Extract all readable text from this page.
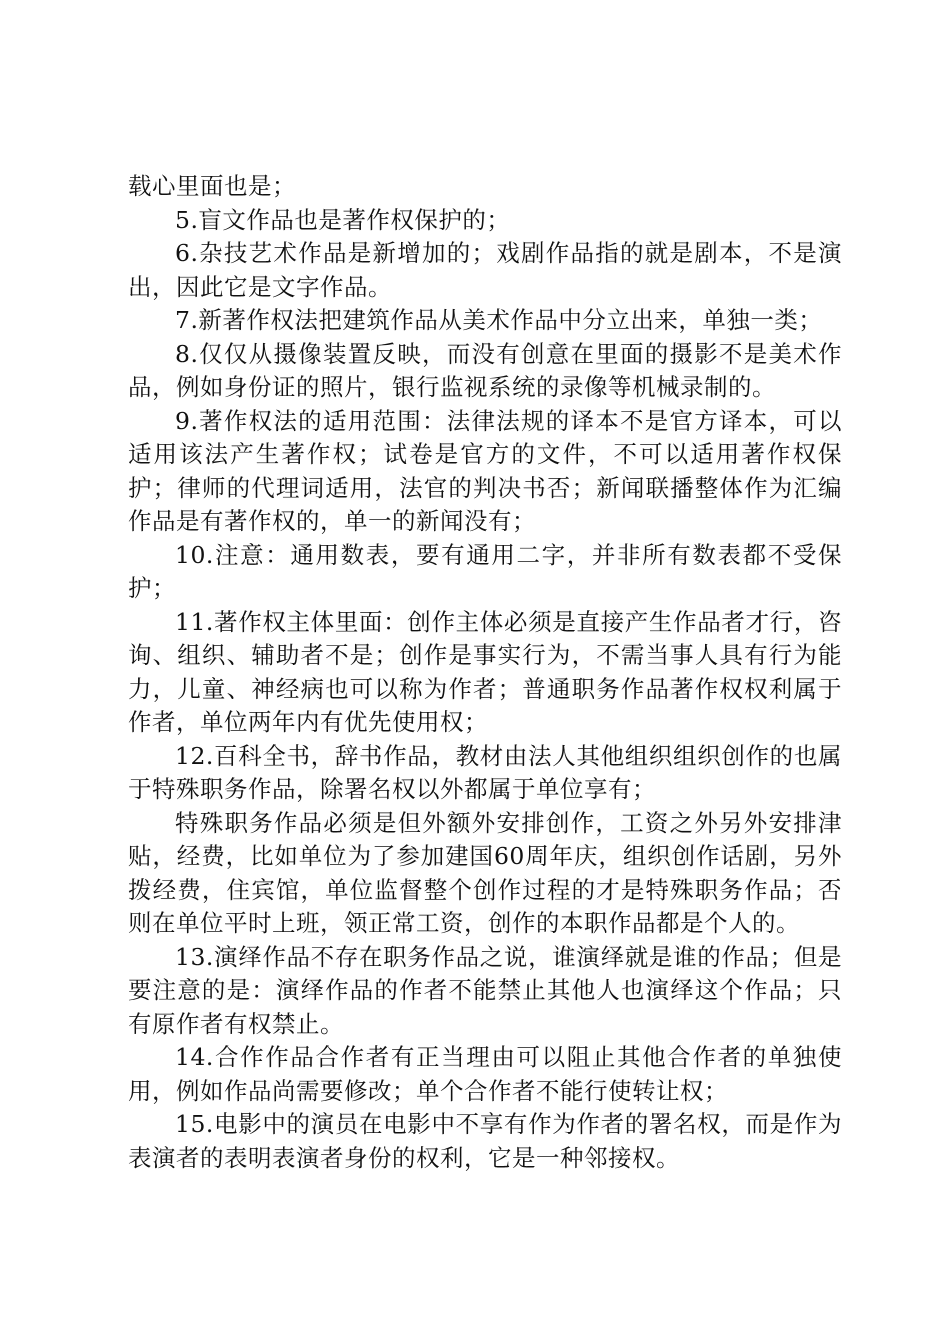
载心里面也是；

5.盲文作品也是著作权保护的；

6.杂技艺术作品是新增加的；戏剧作品指的就是剧本，不是演出，因此它是文字作品。

7.新著作权法把建筑作品从美术作品中分立出来，单独一类；

8.仅仅从摄像装置反映，而没有创意在里面的摄影不是美术作品，例如身份证的照片，银行监视系统的录像等机械录制的。

9.著作权法的适用范围：法律法规的译本不是官方译本，可以适用该法产生著作权；试卷是官方的文件，不可以适用著作权保护；律师的代理词适用，法官的判决书否；新闻联播整体作为汇编作品是有著作权的，单一的新闻没有；

10.注意：通用数表，要有通用二字，并非所有数表都不受保护；

11.著作权主体里面：创作主体必须是直接产生作品者才行，咨询、组织、辅助者不是；创作是事实行为，不需当事人具有行为能力，儿童、神经病也可以称为作者；普通职务作品著作权权利属于作者，单位两年内有优先使用权；

12.百科全书，辞书作品，教材由法人其他组织组织创作的也属于特殊职务作品，除署名权以外都属于单位享有；

特殊职务作品必须是但外额外安排创作，工资之外另外安排津贴，经费，比如单位为了参加建国60周年庆，组织创作话剧，另外拨经费，住宾馆，单位监督整个创作过程的才是特殊职务作品；否则在单位平时上班，领正常工资，创作的本职作品都是个人的。

13.演绎作品不存在职务作品之说，谁演绎就是谁的作品；但是要注意的是：演绎作品的作者不能禁止其他人也演绎这个作品；只有原作者有权禁止。

14.合作作品合作者有正当理由可以阻止其他合作者的单独使用，例如作品尚需要修改；单个合作者不能行使转让权；

15.电影中的演员在电影中不享有作为作者的署名权，而是作为表演者的表明表演者身份的权利，它是一种邻接权。
